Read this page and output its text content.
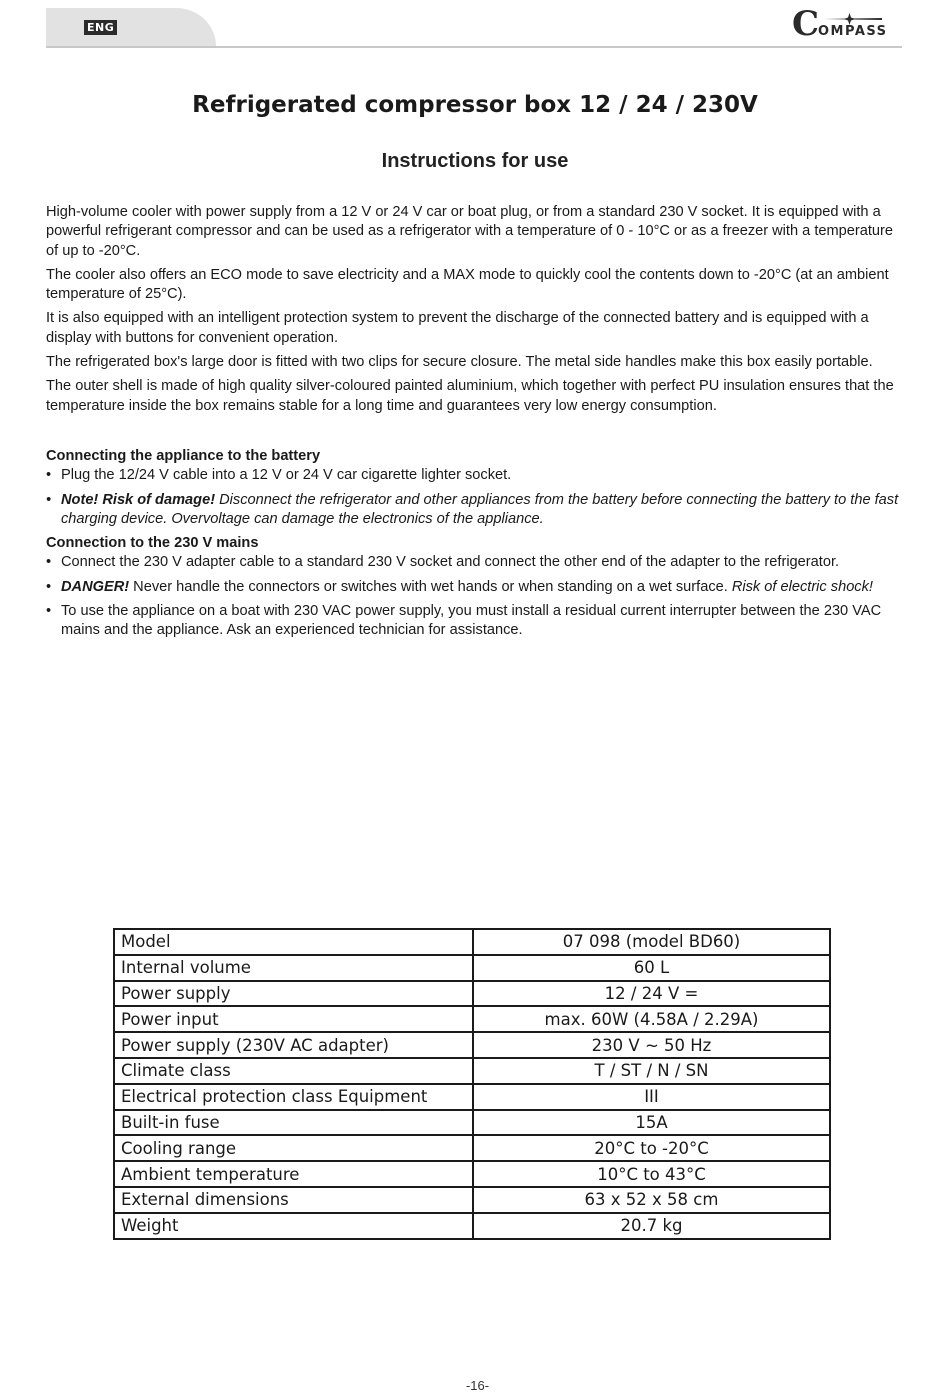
ENG	C
OMPASS
Refrigerated compressor box 12 / 24 / 230V
Instructions for use

High-volume cooler with power supply from a 12 V or 24 V car or boat plug, or from a standard 230 V socket. It is equipped with a powerful refrigerant compressor and can be used as a refrigerator with a temperature of 0 - 10°C or as a freezer with a temperature of up to -20°C.

The cooler also offers an ECO mode to save electricity and a MAX mode to quickly cool the contents down to -20°C (at an ambient temperature of 25°C).

It is also equipped with an intelligent protection system to prevent the discharge of the connected battery and is equipped with a display with buttons for convenient operation.

The refrigerated box's large door is fitted with two clips for secure closure. The metal side handles make this box easily portable.

The outer shell is made of high quality silver-coloured painted aluminium, which together with perfect PU insulation ensures that the temperature inside the box remains stable for a long time and guarantees very low energy consumption.

Connecting the appliance to the battery
• Plug the 12/24 V cable into a 12 V or 24 V car cigarette lighter socket.
• Note! Risk of damage! Disconnect the refrigerator and other appliances from the battery before connecting the battery to the fast charging device. Overvoltage can damage the electronics of the appliance.
Connection to the 230 V mains
• Connect the 230 V adapter cable to a standard 230 V socket and connect the other end of the adapter to the refrigerator.
• DANGER! Never handle the connectors or switches with wet hands or when standing on a wet surface. Risk of electric shock!
• To use the appliance on a boat with 230 VAC power supply, you must install a residual current interrupter between the 230 VAC mains and the appliance. Ask an experienced technician for assistance.
Model	07 098 (model BD60)
Internal volume	60 L
Power supply	12 / 24 V =
Power input	max. 60W (4.58A / 2.29A)
Power supply (230V AC adapter)	230 V ~ 50 Hz
Climate class	T / ST / N / SN
Electrical protection class Equipment	III
Built-in fuse	15A
Cooling range	20°C to -20°C
Ambient temperature	10°C to 43°C
External dimensions	63 x 52 x 58 cm
Weight	20.7 kg
-16-
